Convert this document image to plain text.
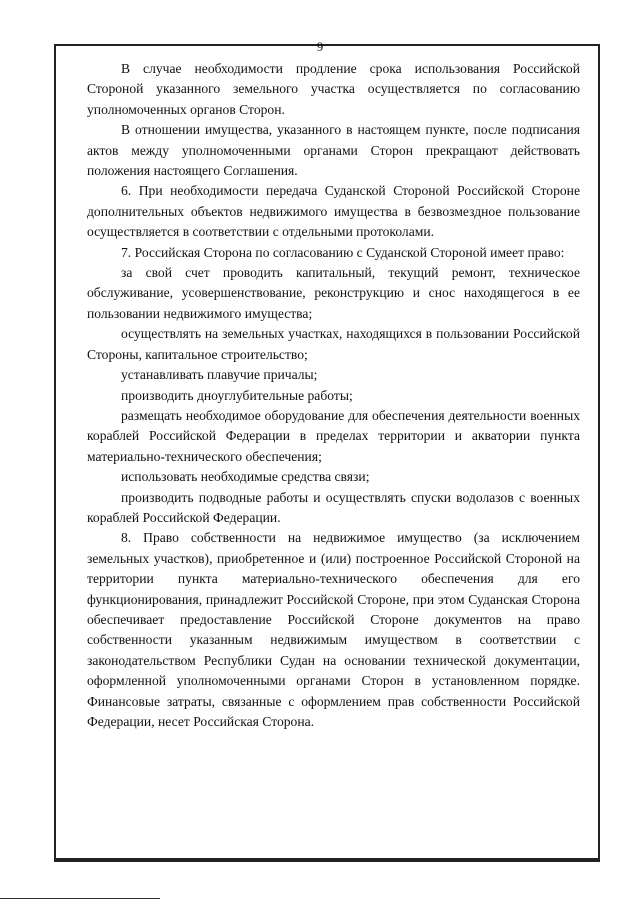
9

В случае необходимости продление срока использования Российской Стороной указанного земельного участка осуществляется по согласованию уполномоченных органов Сторон.

В отношении имущества, указанного в настоящем пункте, после подписания актов между уполномоченными органами Сторон прекращают действовать положения настоящего Соглашения.

6. При необходимости передача Суданской Стороной Российской Стороне дополнительных объектов недвижимого имущества в безвозмездное пользование осуществляется в соответствии с отдельными протоколами.

7. Российская Сторона по согласованию с Суданской Стороной имеет право:

за свой счет проводить капитальный, текущий ремонт, техническое обслуживание, усовершенствование, реконструкцию и снос находящегося в ее пользовании недвижимого имущества;

осуществлять на земельных участках, находящихся в пользовании Российской Стороны, капитальное строительство;

устанавливать плавучие причалы;

производить дноуглубительные работы;

размещать необходимое оборудование для обеспечения деятельности военных кораблей Российской Федерации в пределах территории и акватории пункта материально-технического обеспечения;

использовать необходимые средства связи;

производить подводные работы и осуществлять спуски водолазов с военных кораблей Российской Федерации.

8. Право собственности на недвижимое имущество (за исключением земельных участков), приобретенное и (или) построенное Российской Стороной на территории пункта материально-технического обеспечения для его функционирования, принадлежит Российской Стороне, при этом Суданская Сторона обеспечивает предоставление Российской Стороне документов на право собственности указанным недвижимым имуществом в соответствии с законодательством Республики Судан на основании технической документации, оформленной уполномоченными органами Сторон в установленном порядке. Финансовые затраты, связанные с оформлением прав собственности Российской Федерации, несет Российская Сторона.
